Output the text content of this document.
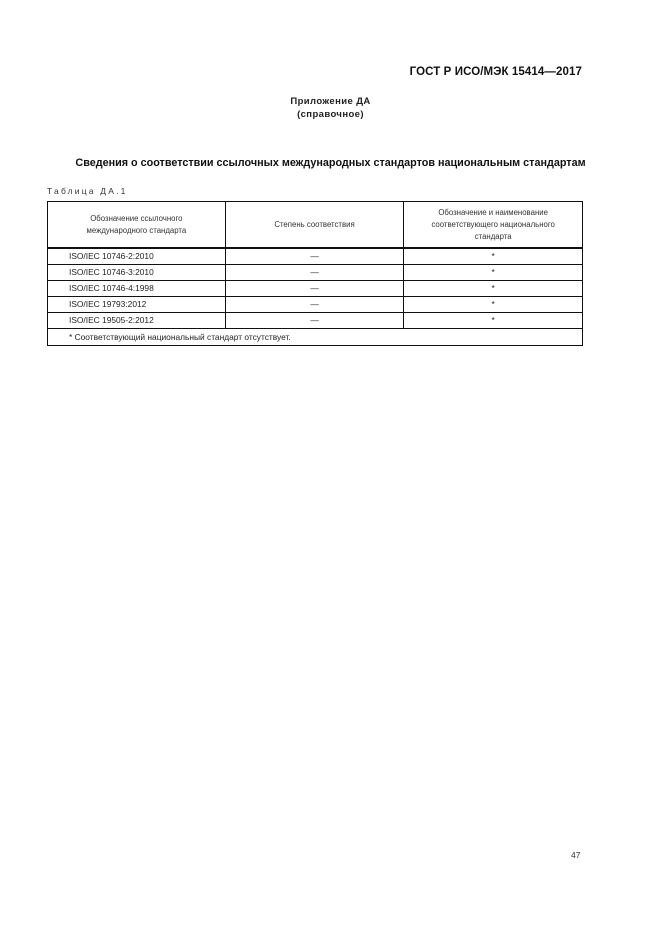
ГОСТ Р ИСО/МЭК 15414—2017
Приложение ДА
(справочное)
Сведения о соответствии ссылочных международных стандартов национальным стандартам
Таблица ДА.1
Обозначение ссылочного международного стандарта	Степень соответствия	Обозначение и наименование соответствующего национального стандарта
ISO/IEC 10746-2:2010	—	*
ISO/IEC 10746-3:2010	—	*
ISO/IEC 10746-4:1998	—	*
ISO/IEC 19793:2012	—	*
ISO/IEC 19505-2:2012	—	*
* Соответствующий национальный стандарт отсутствует.		
47
